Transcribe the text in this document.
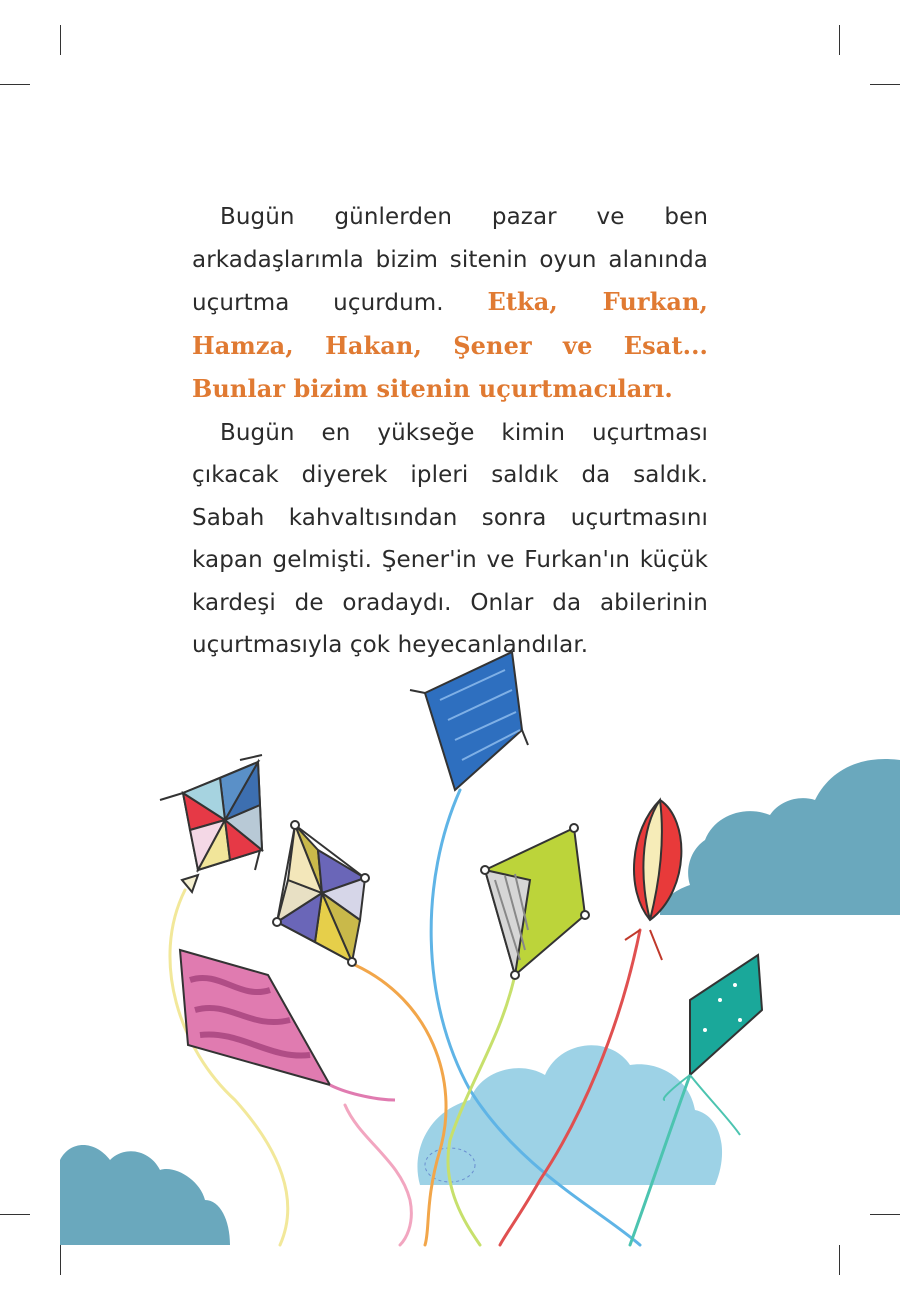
Bugün günlerden pazar ve ben arkadaşlarımla bizim sitenin oyun alanında uçurtma uçurdum. Etka, Furkan, Hamza, Hakan, Şener ve Esat... Bunlar bizim sitenin uçurtmacıları.

Bugün en yükseğe kimin uçurtması çıkacak diyerek ipleri saldık da saldık. Sabah kahvaltısından sonra uçurtmasını kapan gelmişti. Şener'in ve Furkan'ın küçük kardeşi de oradaydı. Onlar da abilerinin uçurtmasıyla çok heyecanlandılar.
